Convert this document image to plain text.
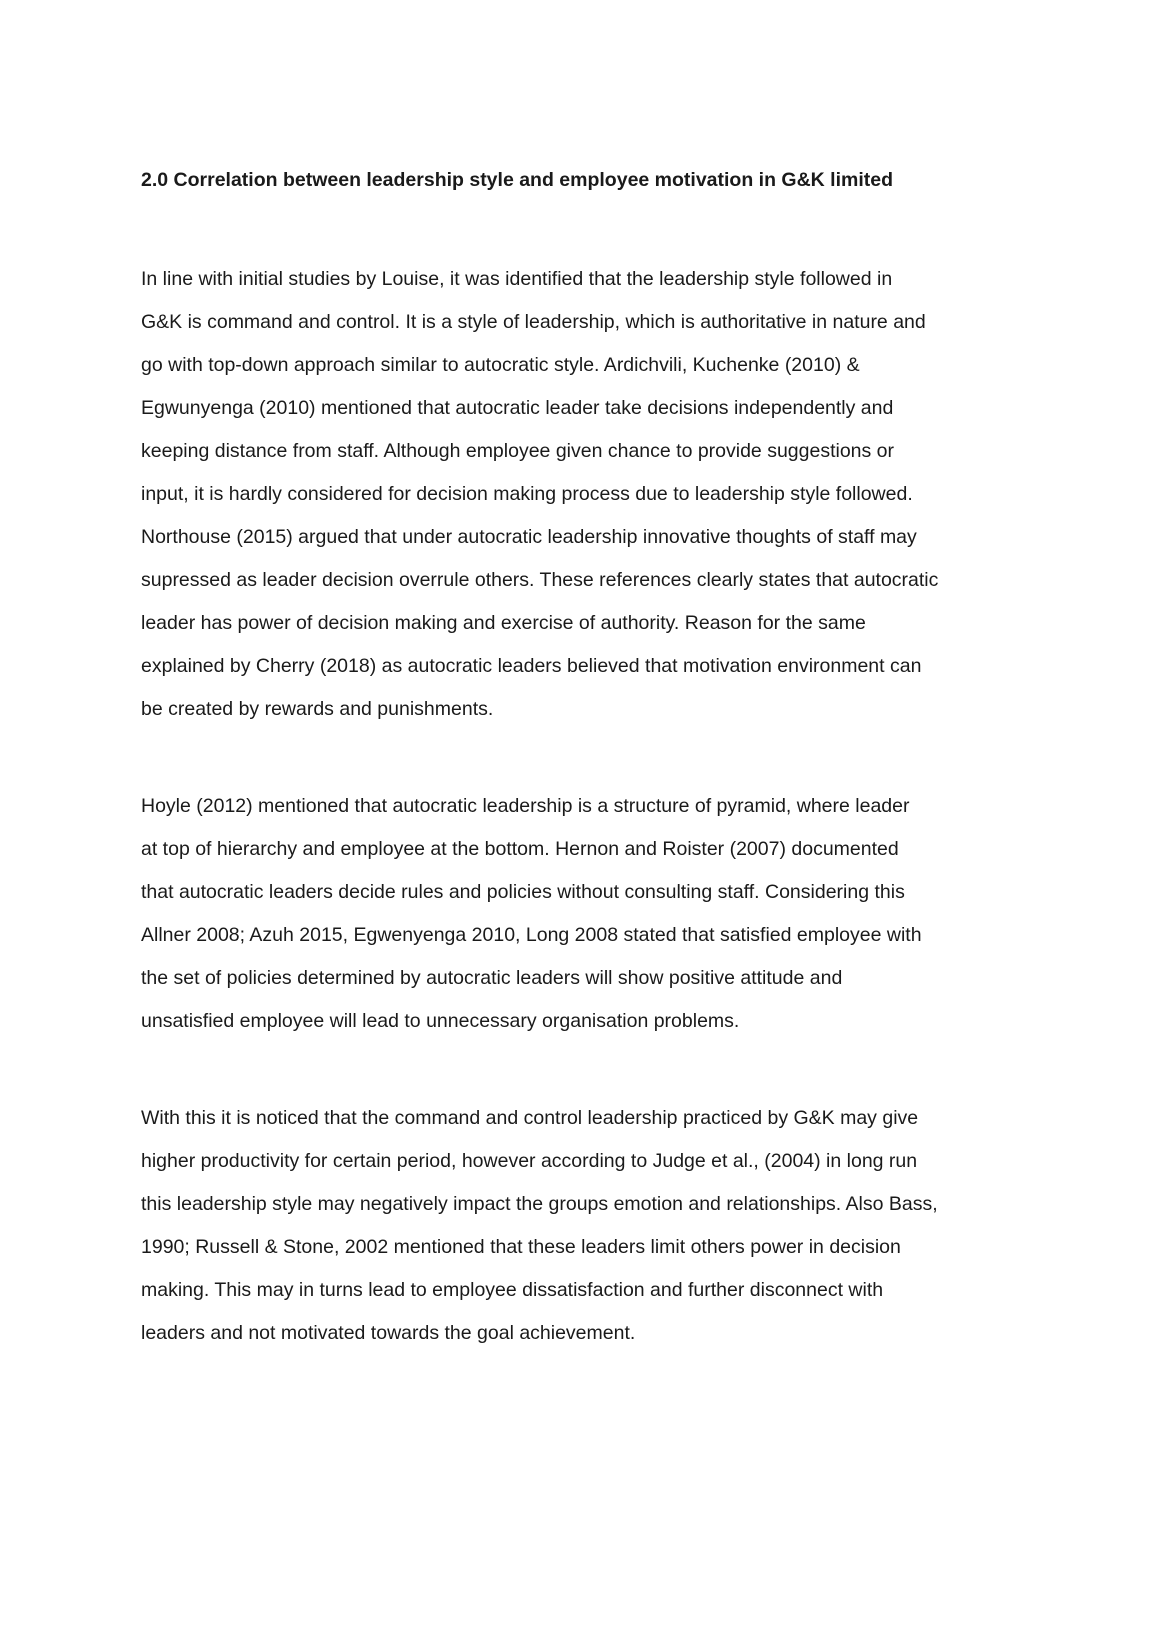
2.0 Correlation between leadership style and employee motivation in G&K limited
In line with initial studies by Louise, it was identified that the leadership style followed in
G&K is command and control. It is a style of leadership, which is authoritative in nature and
go with top-down approach similar to autocratic style. Ardichvili, Kuchenke (2010) &
Egwunyenga (2010) mentioned that autocratic leader take decisions independently and
keeping distance from staff. Although employee given chance to provide suggestions or
input, it is hardly considered for decision making process due to leadership style followed.
Northouse (2015) argued that under autocratic leadership innovative thoughts of staff may
supressed as leader decision overrule others. These references clearly states that autocratic
leader has power of decision making and exercise of authority. Reason for the same
explained by Cherry (2018) as autocratic leaders believed that motivation environment can
be created by rewards and punishments.
Hoyle (2012) mentioned that autocratic leadership is a structure of pyramid, where leader
at top of hierarchy and employee at the bottom. Hernon and Roister (2007) documented
that autocratic leaders decide rules and policies without consulting staff. Considering this
Allner 2008; Azuh 2015, Egwenyenga 2010, Long 2008 stated that satisfied employee with
the set of policies determined by autocratic leaders will show positive attitude and
unsatisfied employee will lead to unnecessary organisation problems.
With this it is noticed that the command and control leadership practiced by G&K may give
higher productivity for certain period, however according to Judge et al., (2004) in long run
this leadership style may negatively impact the groups emotion and relationships. Also Bass,
1990; Russell & Stone, 2002 mentioned that these leaders limit others power in decision
making. This may in turns lead to employee dissatisfaction and further disconnect with
leaders and not motivated towards the goal achievement.
